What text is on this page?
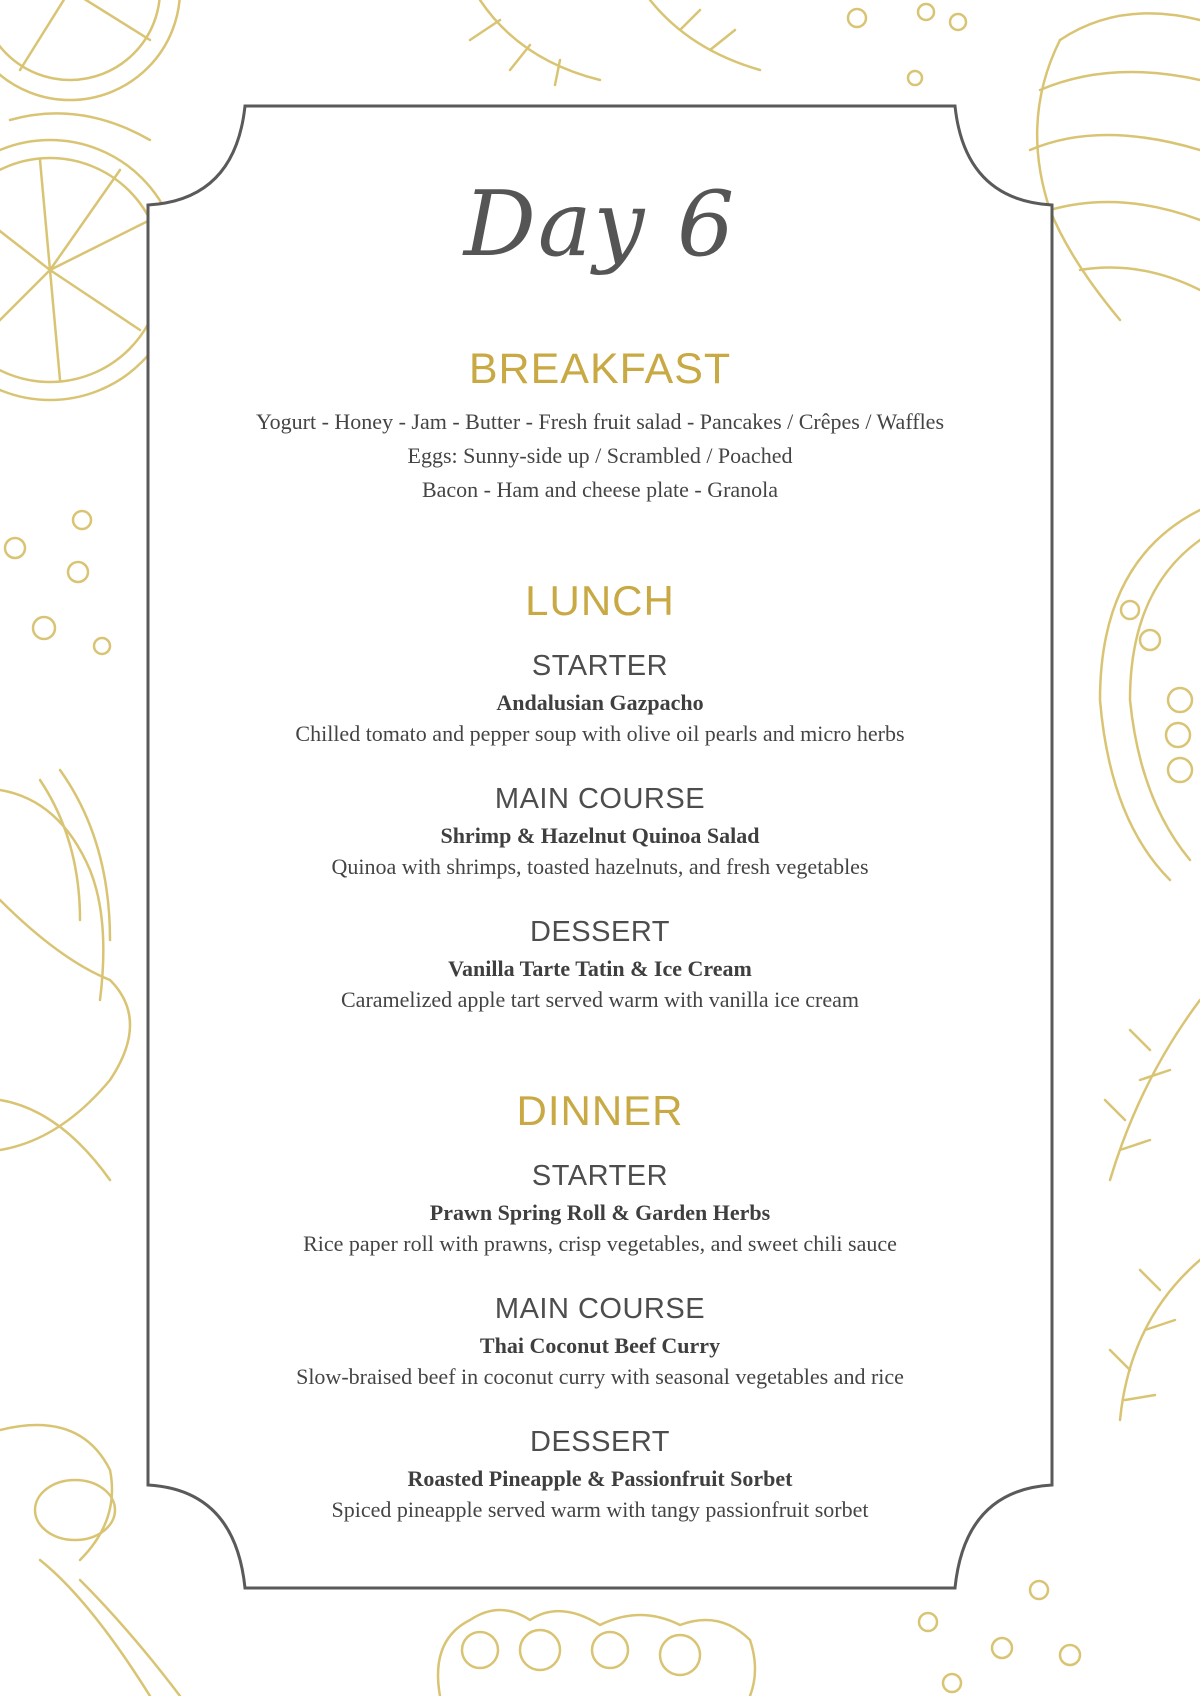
Day 6
BREAKFAST
Yogurt - Honey - Jam - Butter - Fresh fruit salad - Pancakes / Crêpes / Waffles
Eggs: Sunny-side up / Scrambled / Poached
Bacon - Ham and cheese plate - Granola
LUNCH
STARTER
Andalusian Gazpacho
Chilled tomato and pepper soup with olive oil pearls and micro herbs
MAIN COURSE
Shrimp & Hazelnut Quinoa Salad
Quinoa with shrimps, toasted hazelnuts, and fresh vegetables
DESSERT
Vanilla Tarte Tatin & Ice Cream
Caramelized apple tart served warm with vanilla ice cream
DINNER
STARTER
Prawn Spring Roll & Garden Herbs
Rice paper roll with prawns, crisp vegetables, and sweet chili sauce
MAIN COURSE
Thai Coconut Beef Curry
Slow-braised beef in coconut curry with seasonal vegetables and rice
DESSERT
Roasted Pineapple & Passionfruit Sorbet
Spiced pineapple served warm with tangy passionfruit sorbet
